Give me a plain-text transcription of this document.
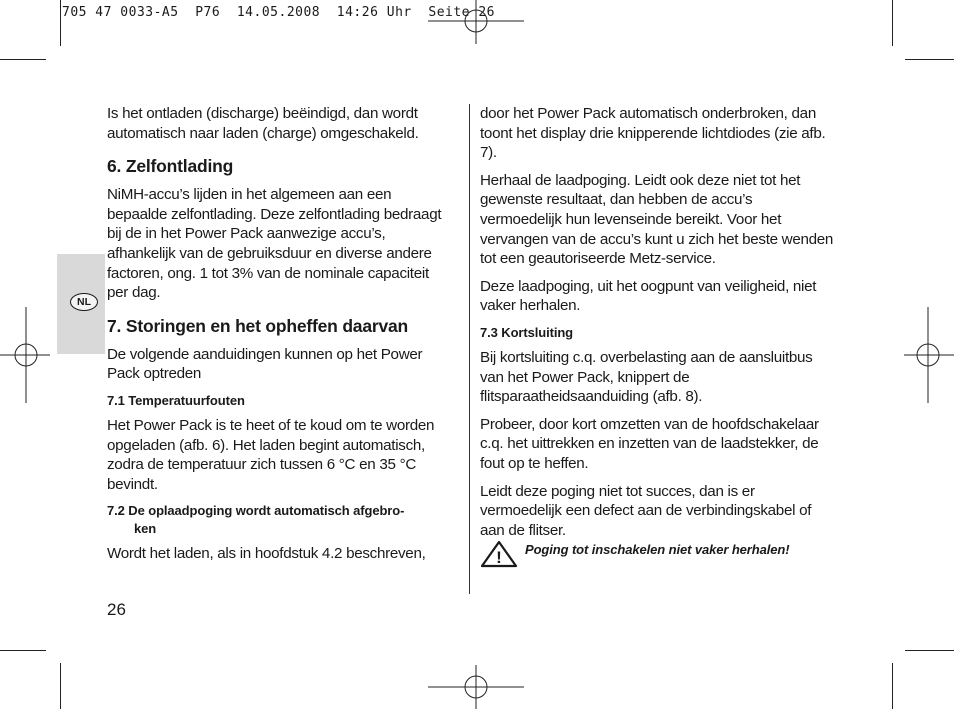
705 47 0033-A5  P76  14.05.2008  14:26 Uhr  Seite 26
NL

Is het ontladen (discharge) beëindigd, dan wordt automatisch naar laden (charge) omgeschakeld.

6. Zelfontlading

NiMH-accu’s lijden in het algemeen aan een bepaalde zelfontlading. Deze zelfontlading bedraagt bij de in het Power Pack aanwezige accu’s, afhankelijk van de gebruiksduur en diverse andere factoren, ong. 1 tot 3% van de nominale capaciteit per dag.

7. Storingen en het opheffen daarvan

De volgende aanduidingen kunnen op het Power Pack optreden

7.1 Temperatuurfouten

Het Power Pack is te heet of te koud om te worden opgeladen (afb. 6). Het laden begint automatisch, zodra de temperatuur zich tussen 6 °C en 35 °C bevindt.

7.2 De oplaadpoging wordt automatisch afgebro-
ken

Wordt het laden, als in hoofdstuk 4.2 beschreven,

door het Power Pack automatisch onderbroken, dan toont het display drie knipperende lichtdiodes (zie afb. 7).

Herhaal de laadpoging. Leidt ook deze niet tot het gewenste resultaat, dan hebben de accu’s vermoedelijk hun levenseinde bereikt. Voor het vervangen van de accu’s kunt u zich het beste wenden tot een geautoriseerde Metz-service.

Deze laadpoging, uit het oogpunt van veiligheid, niet vaker herhalen.

7.3 Kortsluiting

Bij kortsluiting c.q. overbelasting aan de aansluitbus van het Power Pack, knippert de flitsparaatheidsaanduiding (afb. 8).

Probeer, door kort omzetten van de hoofdschakelaar c.q. het uittrekken en inzetten van de laadstekker, de fout op te heffen.

Leidt deze poging niet tot succes, dan is er vermoedelijk een defect aan de verbindingskabel of aan de flitser.

! Poging tot inschakelen niet vaker herhalen!
26
